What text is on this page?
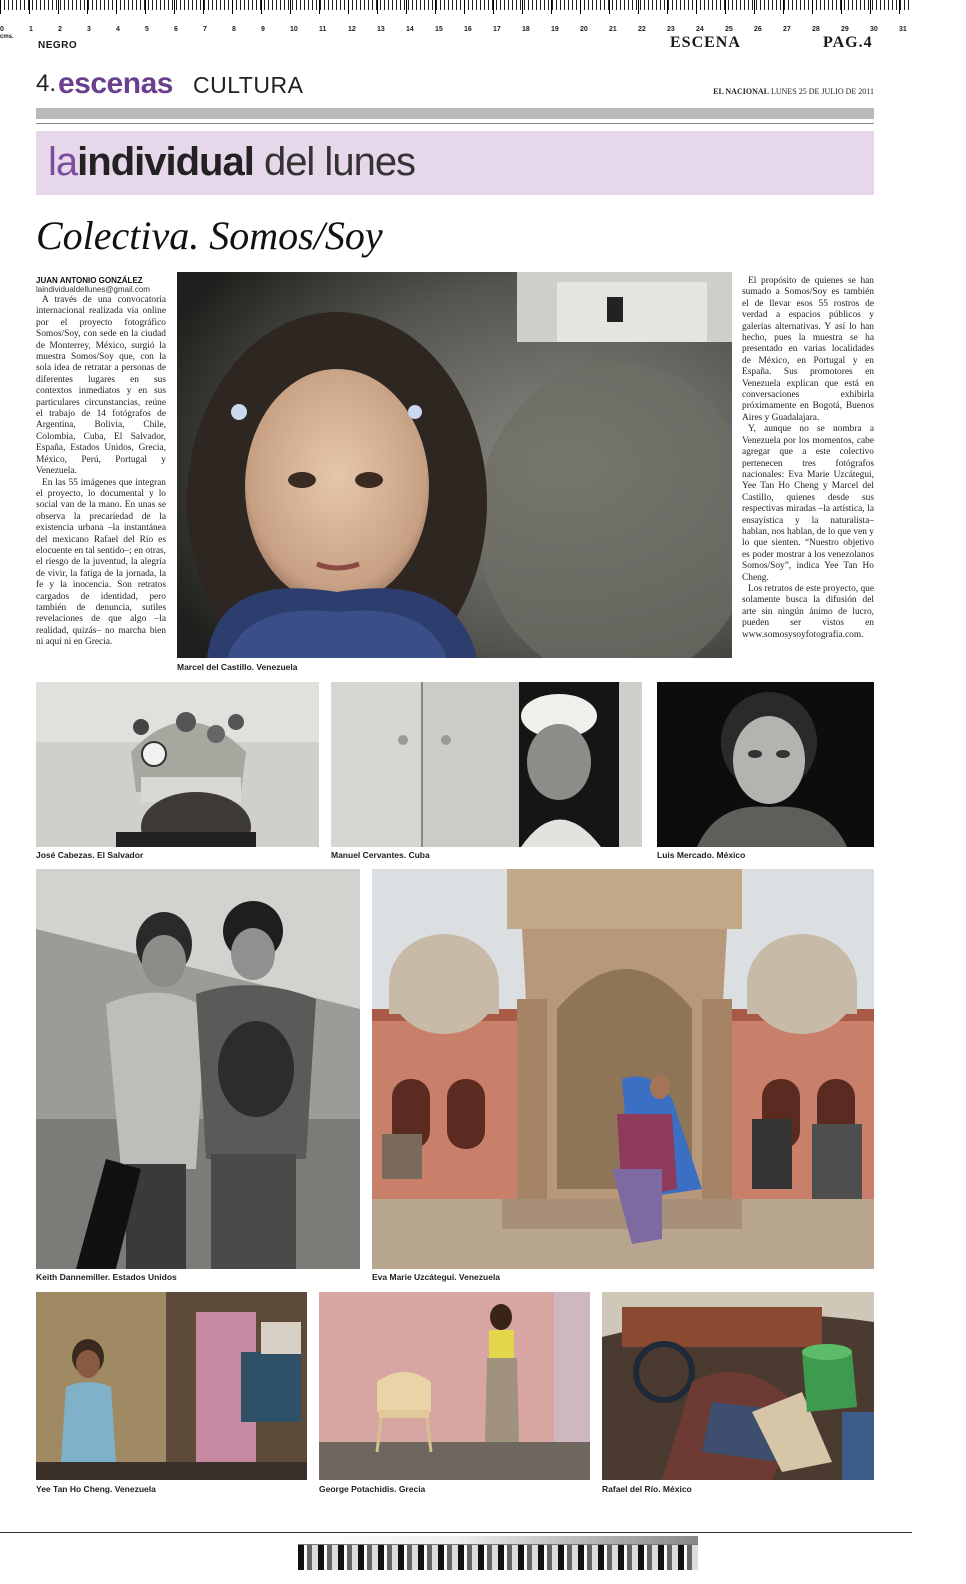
0	1	2	3	4	5	6	7	8	9	10	11	12	13	14	15	16	17	18	19	20	21	22	23	24	25	26	27	28	29	30	31
cms.
NEGRO	ESCENA	PAG.4
4. escenas CULTURA	EL NACIONAL LUNES 25 DE JULIO DE 2011
laindividual del lunes
Colectiva. Somos/Soy
JUAN ANTONIO GONZÁLEZ
laindividualdellunes@gmail.com

A través de una convocatoria internacional realizada vía online por el proyecto fotográfico Somos/Soy, con sede en la ciudad de Monterrey, México, surgió la muestra Somos/Soy que, con la sola idea de retratar a personas de diferentes lugares en sus contextos inmediatos y en sus particulares circunstancias, reúne el trabajo de 14 fotógrafos de Argentina, Bolivia, Chile, Colombia, Cuba, El Salvador, España, Estados Unidos, Grecia, México, Perú, Portugal y Venezuela.

En las 55 imágenes que integran el proyecto, lo documental y lo social van de la mano. En unas se observa la precariedad de la existencia urbana –la instantánea del mexicano Rafael del Río es elocuente en tal sentido–; en otras, el riesgo de la juventud, la alegría de vivir, la fatiga de la jornada, la fe y la inocencia. Son retratos cargados de identidad, pero también de denuncia, sutiles revelaciones de que algo –la realidad, quizás– no marcha bien ni aquí ni en Grecia.

Marcel del Castillo. Venezuela

El propósito de quienes se han sumado a Somos/Soy es también el de llevar esos 55 rostros de verdad a espacios públicos y galerías alternativas. Y así lo han hecho, pues la muestra se ha presentado en varias localidades de México, en Portugal y en España. Sus promotores en Venezuela explican que está en conversaciones exhibirla próximamente en Bogotá, Buenos Aires y Guadalajara.

Y, aunque no se nombra a Venezuela por los momentos, cabe agregar que a este colectivo pertenecen tres fotógrafos nacionales: Eva Marie Uzcátegui, Yee Tan Ho Cheng y Marcel del Castillo, quienes desde sus respectivas miradas –la artística, la ensayística y la naturalista– hablan, nos hablan, de lo que ven y lo que sienten. “Nuestro objetivo es poder mostrar a los venezolanos Somos/Soy”, indica Yee Tan Ho Cheng.

Los retratos de este proyecto, que solamente busca la difusión del arte sin ningún ánimo de lucro, pueden ser vistos en www.somosysoyfotografia.com.

José Cabezas. El Salvador	Manuel Cervantes. Cuba	Luis Mercado. México
Keith Dannemiller. Estados Unidos	Eva Marie Uzcátegui. Venezuela
Yee Tan Ho Cheng. Venezuela	George Potachidis. Grecia	Rafael del Río. México
